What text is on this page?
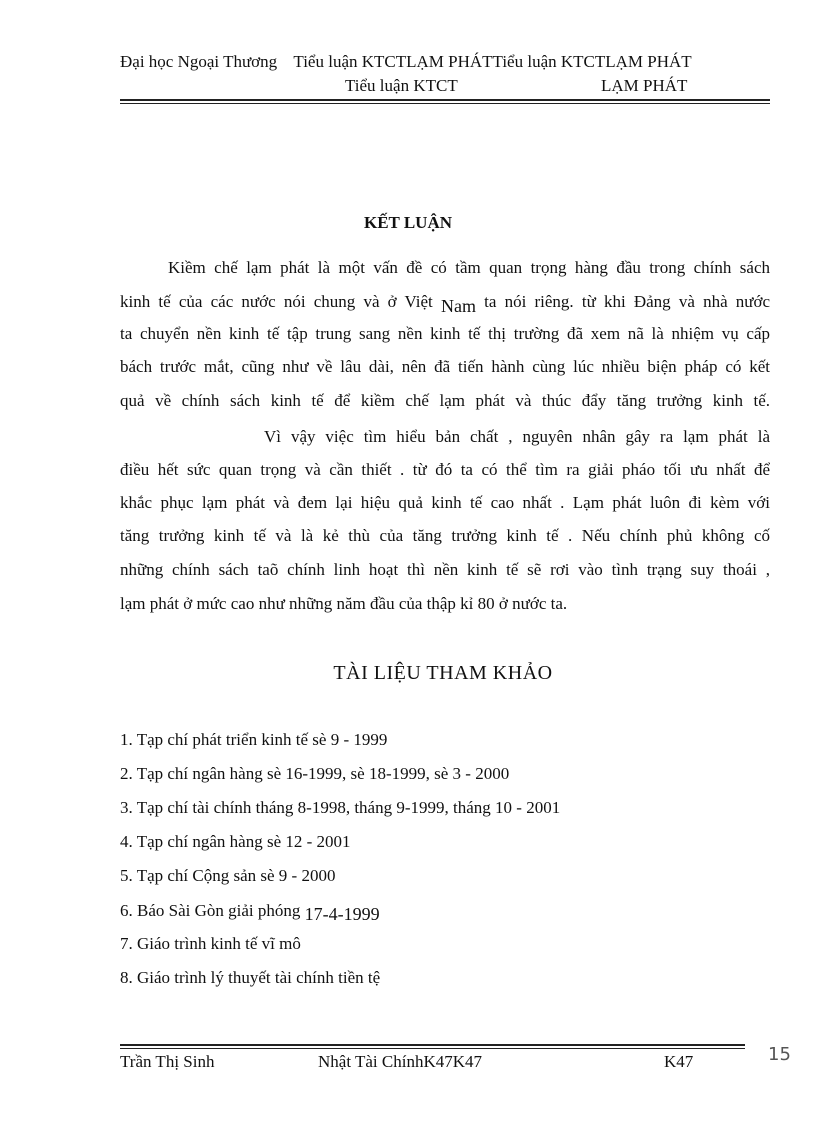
Đại học Ngoại Thương Tiểu luận KTCTLẠM PHÁTTiểu luận KTCTLẠM PHÁT
Tiểu luận KTCT	LẠM PHÁT
KẾT LUẬN
Kiềm chế lạm phát là một vấn đề có tầm quan trọng hàng đầu trong chính sách
kinh tế của các nước nói chung và ở Việt Nam ta nói riêng. từ khi Đảng và nhà nước
ta chuyển nền kinh tế tập trung sang nền kinh tế thị trường đã xem nã là nhiệm vụ cấp
bách trước mắt, cũng như về lâu dài, nên đã tiến hành cùng lúc nhiều biện pháp có kết
quả về chính sách kinh tế để kiềm chế lạm phát và thúc đẩy tăng trưởng kinh tế.
Vì vậy việc tìm hiểu bản chất , nguyên nhân gây ra lạm phát là
điều hết sức quan trọng và cần thiết . từ đó ta có thể tìm ra giải pháo tối ưu nhất để
khắc phục lạm phát và đem lại hiệu quả kinh tế cao nhất . Lạm phát luôn đi kèm với
tăng trưởng kinh tế và là kẻ thù của tăng trưởng kinh tế . Nếu chính phủ không cố
những chính sách taõ chính linh hoạt thì nền kinh tế sẽ rơi vào tình trạng suy thoái ,
lạm phát ở mức cao như những năm đầu của thập kỉ 80 ở nước ta.
TÀI LIỆU THAM KHẢO
1. Tạp chí phát triển kinh tế sè 9 - 1999
2. Tạp chí ngân hàng sè 16-1999, sè 18-1999, sè 3 - 2000
3. Tạp chí tài chính tháng 8-1998, tháng 9-1999, tháng 10 - 2001
4. Tạp chí ngân hàng sè 12 - 2001
5. Tạp chí Cộng sản sè 9 - 2000
6. Báo Sài Gòn giải phóng 17-4-1999
7. Giáo trình kinh tế vĩ mô
8. Giáo trình lý thuyết tài chính tiền tệ
Trần Thị Sinh	Nhật Tài ChínhK47K47	K47	15
